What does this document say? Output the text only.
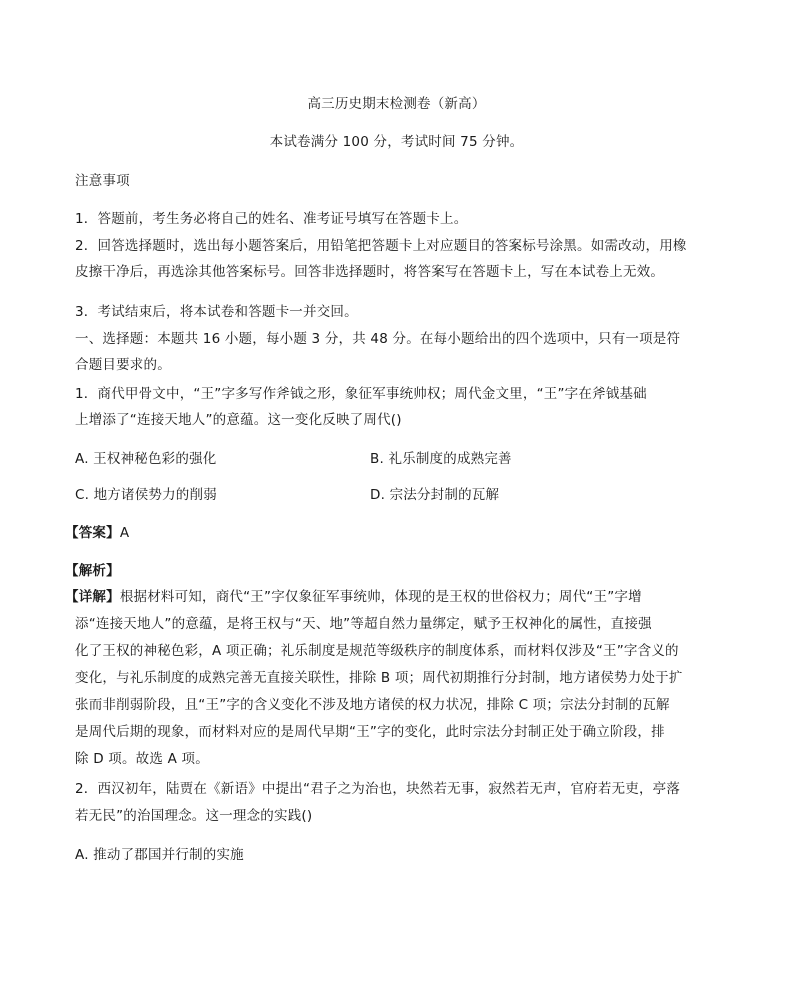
高三历史期末检测卷（新高）
本试卷满分 100 分，考试时间 75 分钟。
注意事项
1．答题前，考生务必将自己的姓名、准考证号填写在答题卡上。
2．回答选择题时，选出每小题答案后，用铅笔把答题卡上对应题目的答案标号涂黑。如需改动，用橡
皮擦干净后，再选涂其他答案标号。回答非选择题时，将答案写在答题卡上，写在本试卷上无效。
3．考试结束后，将本试卷和答题卡一并交回。
一、选择题：本题共 16 小题，每小题 3 分，共 48 分。在每小题给出的四个选项中，只有一项是符
合题目要求的。
1．商代甲骨文中，“王”字多写作斧钺之形，象征军事统帅权；周代金文里，“王”字在斧钺基础
上增添了“连接天地人”的意蕴。这一变化反映了周代()
A. 王权神秘色彩的强化	B. 礼乐制度的成熟完善
C. 地方诸侯势力的削弱	D. 宗法分封制的瓦解
【答案】A
【解析】
【详解】根据材料可知，商代“王”字仅象征军事统帅，体现的是王权的世俗权力；周代“王”字增
添“连接天地人”的意蕴，是将王权与“天、地”等超自然力量绑定，赋予王权神化的属性，直接强
化了王权的神秘色彩，A 项正确；礼乐制度是规范等级秩序的制度体系，而材料仅涉及“王”字含义的
变化，与礼乐制度的成熟完善无直接关联性，排除 B 项；周代初期推行分封制，地方诸侯势力处于扩
张而非削弱阶段，且“王”字的含义变化不涉及地方诸侯的权力状况，排除 C 项；宗法分封制的瓦解
是周代后期的现象，而材料对应的是周代早期“王”字的变化，此时宗法分封制正处于确立阶段，排
除 D 项。故选 A 项。
2．西汉初年，陆贾在《新语》中提出“君子之为治也，块然若无事，寂然若无声，官府若无吏，亭落
若无民”的治国理念。这一理念的实践()
A. 推动了郡国并行制的实施
